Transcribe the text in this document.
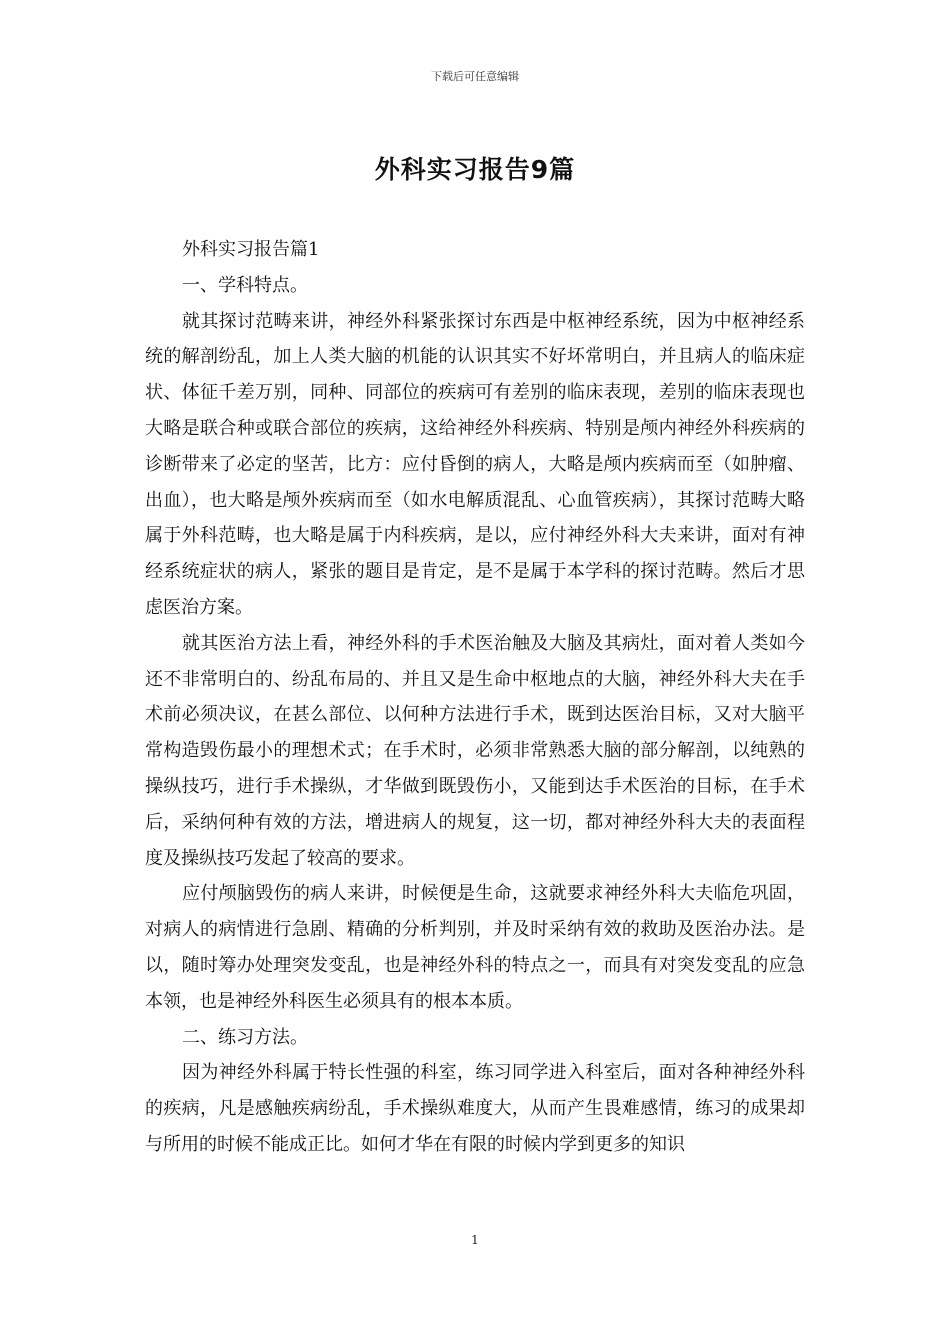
下载后可任意编辑
外科实习报告9篇

外科实习报告篇1

一、学科特点。

就其探讨范畴来讲，神经外科紧张探讨东西是中枢神经系统，因为中枢神经系统的解剖纷乱，加上人类大脑的机能的认识其实不好坏常明白，并且病人的临床症状、体征千差万别，同种、同部位的疾病可有差别的临床表现，差别的临床表现也大略是联合种或联合部位的疾病，这给神经外科疾病、特别是颅内神经外科疾病的诊断带来了必定的坚苦，比方：应付昏倒的病人，大略是颅内疾病而至（如肿瘤、出血），也大略是颅外疾病而至（如水电解质混乱、心血管疾病），其探讨范畴大略属于外科范畴，也大略是属于内科疾病，是以，应付神经外科大夫来讲，面对有神经系统症状的病人，紧张的题目是肯定，是不是属于本学科的探讨范畴。然后才思虑医治方案。

就其医治方法上看，神经外科的手术医治触及大脑及其病灶，面对着人类如今还不非常明白的、纷乱布局的、并且又是生命中枢地点的大脑，神经外科大夫在手术前必须决议，在甚么部位、以何种方法进行手术，既到达医治目标，又对大脑平常构造毁伤最小的理想术式；在手术时，必须非常熟悉大脑的部分解剖，以纯熟的操纵技巧，进行手术操纵，才华做到既毁伤小，又能到达手术医治的目标，在手术后，采纳何种有效的方法，增进病人的规复，这一切，都对神经外科大夫的表面程度及操纵技巧发起了较高的要求。

应付颅脑毁伤的病人来讲，时候便是生命，这就要求神经外科大夫临危巩固，对病人的病情进行急剧、精确的分析判别，并及时采纳有效的救助及医治办法。是以，随时筹办处理突发变乱，也是神经外科的特点之一，而具有对突发变乱的应急本领，也是神经外科医生必须具有的根本本质。

二、练习方法。

因为神经外科属于特长性强的科室，练习同学进入科室后，面对各种神经外科的疾病，凡是感触疾病纷乱，手术操纵难度大，从而产生畏难感情，练习的成果却与所用的时候不能成正比。如何才华在有限的时候内学到更多的知识

1
